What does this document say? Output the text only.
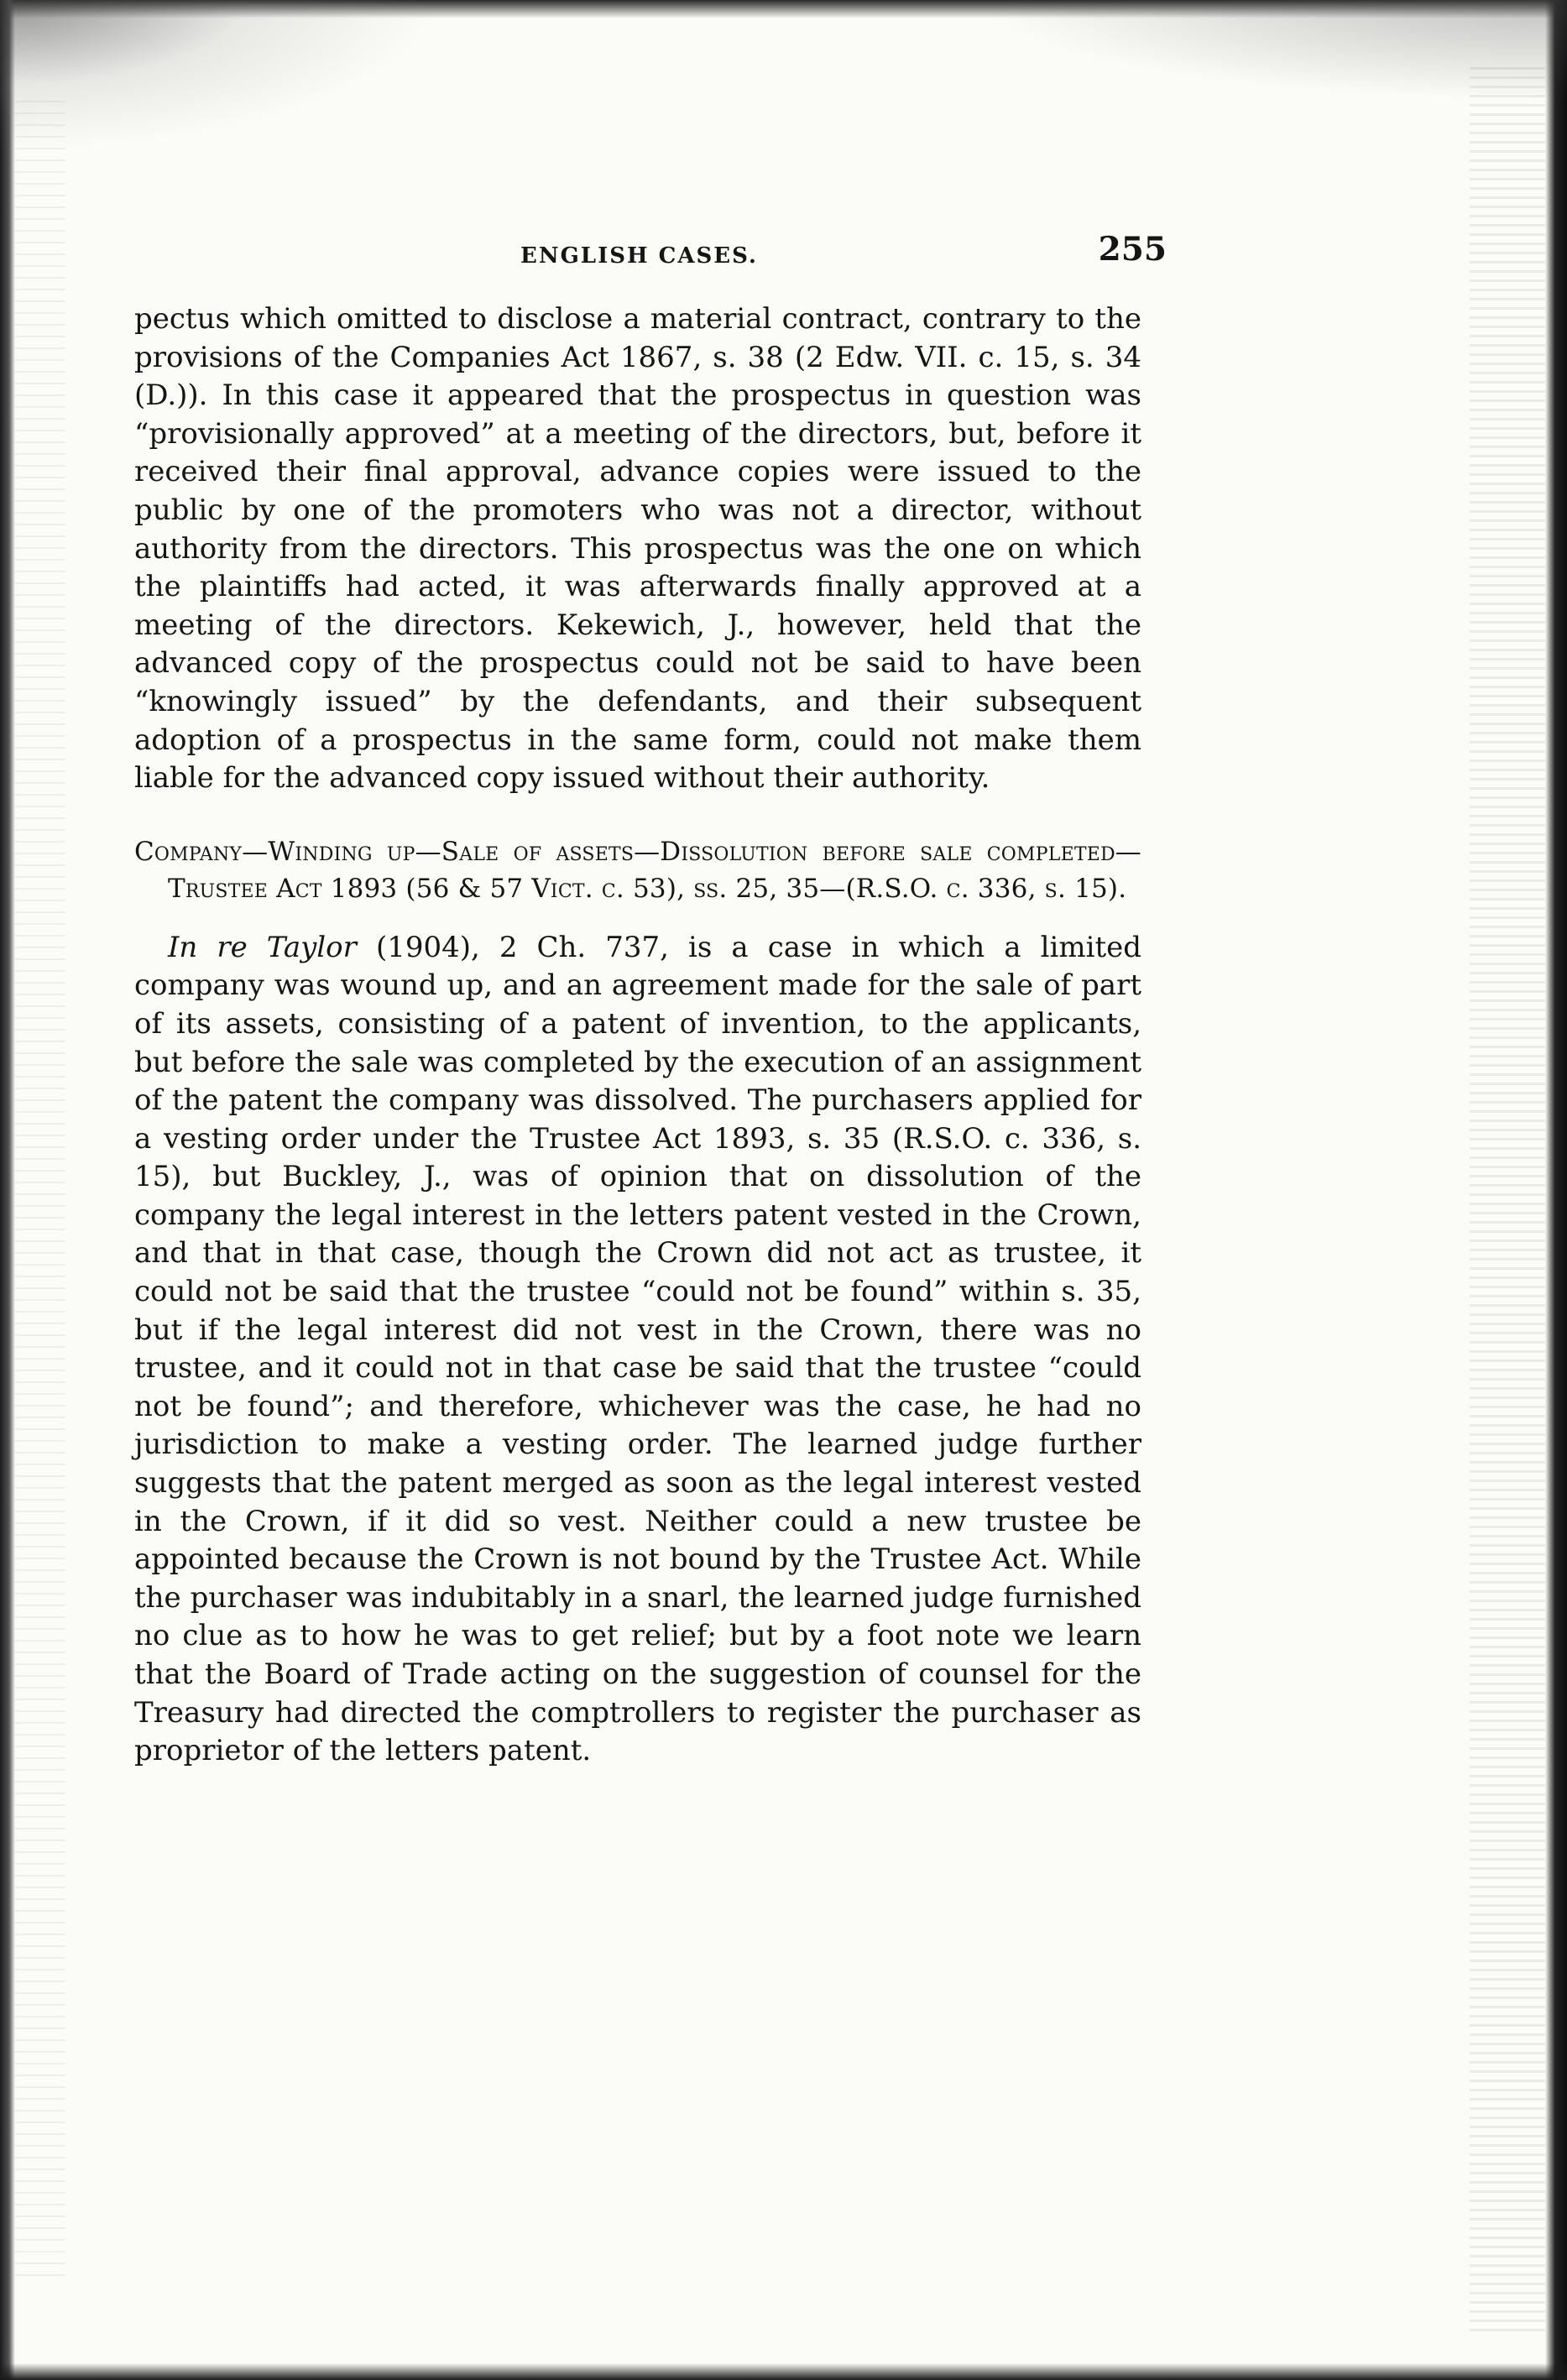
ENGLISH CASES.	255

pectus which omitted to disclose a material contract, contrary to the provisions of the Companies Act 1867, s. 38 (2 Edw. VII. c. 15, s. 34 (D.)). In this case it appeared that the prospectus in question was “provisionally approved” at a meeting of the directors, but, before it received their final approval, advance copies were issued to the public by one of the promoters who was not a director, without authority from the directors. This prospectus was the one on which the plaintiffs had acted, it was afterwards finally approved at a meeting of the directors. Kekewich, J., however, held that the advanced copy of the prospectus could not be said to have been “knowingly issued” by the defendants, and their subsequent adoption of a prospectus in the same form, could not make them liable for the advanced copy issued without their authority.

Company—Winding up—Sale of assets—Dissolution before sale completed—Trustee Act 1893 (56 & 57 Vict. c. 53), ss. 25, 35—(R.S.O. c. 336, s. 15).

In re Taylor (1904), 2 Ch. 737, is a case in which a limited company was wound up, and an agreement made for the sale of part of its assets, consisting of a patent of invention, to the applicants, but before the sale was completed by the execution of an assignment of the patent the company was dissolved. The purchasers applied for a vesting order under the Trustee Act 1893, s. 35 (R.S.O. c. 336, s. 15), but Buckley, J., was of opinion that on dissolution of the company the legal interest in the letters patent vested in the Crown, and that in that case, though the Crown did not act as trustee, it could not be said that the trustee “could not be found” within s. 35, but if the legal interest did not vest in the Crown, there was no trustee, and it could not in that case be said that the trustee “could not be found”; and therefore, whichever was the case, he had no jurisdiction to make a vesting order. The learned judge further suggests that the patent merged as soon as the legal interest vested in the Crown, if it did so vest. Neither could a new trustee be appointed because the Crown is not bound by the Trustee Act. While the purchaser was indubitably in a snarl, the learned judge furnished no clue as to how he was to get relief; but by a foot note we learn that the Board of Trade acting on the suggestion of counsel for the Treasury had directed the comptrollers to register the purchaser as proprietor of the letters patent.
